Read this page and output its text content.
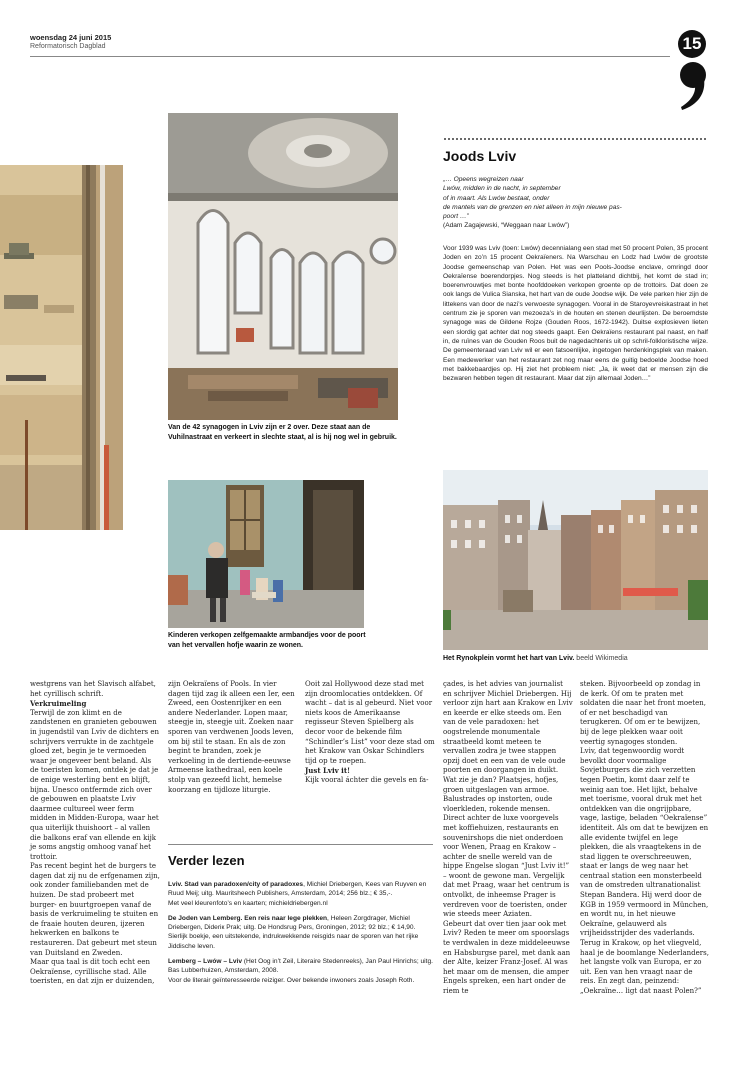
woensdag 24 juni 2015
Reformatorisch Dagblad	15
Van de 42 synagogen in Lviv zijn er 2 over. Deze staat aan de Vuhilnastraat en verkeert in slechte staat, al is hij nog wel in gebruik.
Kinderen verkopen zelfgemaakte armbandjes voor de poort van het vervallen hofje waarin ze wonen.
Het Rynokplein vormt het hart van Lviv. beeld Wikimedia
Joods Lviv

„… Opeens wegreizen naar

Lwów, midden in de nacht, in september

of in maart. Als Lwów bestaat, onder

de mantels van de grenzen en niet alleen in mijn nieuwe pas-

poort …”

(Adam Zagajewski, “Weggaan naar Lwów”)

Voor 1939 was Lviv (toen: Lwów) decennialang een stad met 50 procent Polen, 35 procent Joden en zo’n 15 procent Oekraïeners. Na Warschau en Lodz had Lwów de grootste Joodse gemeenschap van Polen. Het was een Pools-Joodse enclave, omringd door Oekraïense boerendorpjes. Nog steeds is het platteland dichtbij, het komt de stad in; boerenvrouwtjes met bonte hoofddoeken verkopen groente op de trottoirs. Dat doen ze ook langs de Vulica Sianska, het hart van de oude Joodse wijk. De vele parken hier zijn de littekens van door de nazi’s verwoeste synagogen. Vooral in de Staroyevreiskastraat in het centrum zie je sporen van mezoeza’s in de houten en stenen deurlijsten. De beroemdste synagoge was de Gildene Rojze (Gouden Roos, 1672-1942). Duitse explosieven lieten een slordig gat achter dat nog steeds gaapt. Een Oekraïens restaurant pal naast, en half in, de ruïnes van de Gouden Roos buit de nagedachtenis uit op schril-folkloristische wijze. De gemeenteraad van Lviv wil er een fatsoenlijke, ingetogen herdenkingsplek van maken. Een medewerker van het restaurant zet nog maar eens de guitig bedoelde Joodse hoed met bakkebaardjes op. Hij ziet het probleem niet: „Ja, ik weet dat er mensen zijn die bezwaren hebben tegen dit restaurant. Maar dat zijn allemaal Joden…”

westgrens van het Slavisch alfabet, het cyrillisch schrift.

Verkruimeling

Terwijl de zon klimt en de zandstenen en granieten gebouwen in jugendstil van Lviv de dichters en schrijvers verrukte in de zachtgele gloed zet, begin je te vermoeden waar je ongeveer bent beland. Als de toeristen komen, ontdek je dat je de enige westerling bent en blijft, bijna. Unesco ontfermde zich over de gebouwen en plaatste Lviv daarmee cultureel weer ferm midden in Midden-Europa, waar het qua uiterlijk thuishoort – al vallen die balkons eraf van ellende en kijk je soms angstig omhoog vanaf het trottoir.

Pas recent begint het de burgers te dagen dat zij nu de erfgenamen zijn, ook zonder familiebanden met de huizen. De stad probeert met burger- en buurtgroepen vanaf de basis de verkruimeling te stuiten en de fraaie houten deuren, ijzeren hekwerken en balkons te restaureren. Dat gebeurt met steun van Duitsland en Zweden.

Maar qua taal is dit toch echt een Oekraïense, cyrillische stad. Alle toeristen, en dat zijn er duizenden,

zijn Oekraïens of Pools. In vier dagen tijd zag ik alleen een Ier, een Zweed, een Oostenrijker en een andere Nederlander. Lopen maar, steegje in, steegje uit. Zoeken naar sporen van verdwenen Joods leven, om bij stil te staan. En als de zon begint te branden, zoek je verkoeling in de dertiende-eeuwse Armeense kathedraal, een koele stolp van gezeefd licht, hemelse koorzang en tijdloze liturgie.

Ooit zal Hollywood deze stad met zijn droomlocaties ontdekken. Of wacht – dat is al gebeurd. Niet voor niets koos de Amerikaanse regisseur Steven Spielberg als decor voor de bekende film “Schindler’s List” voor deze stad om het Krakow van Oskar Schindlers tijd op te roepen.

Just Lviv it!

Kijk vooral áchter die gevels en fa-

çades, is het advies van journalist en schrijver Michiel Driebergen. Hij verloor zijn hart aan Krakow en Lviv en keerde er elke steeds om. Een van de vele paradoxen: het oogstrelende monumentale straatbeeld komt meteen te vervallen zodra je twee stappen opzij doet en een van de vele oude poorten en doorgangen in duikt. Wat zie je dan? Plaatsjes, hofjes, groen uitgeslagen van armoe. Balustrades op instorten, oude vloerkleden, rokende mensen.

Direct achter de luxe voorgevels met koffiehuizen, restaurants en souvenirshops die niet onderdoen voor Wenen, Praag en Krakow – achter de snelle wereld van de hippe Engelse slogan “Just Lviv it!” – woont de gewone man. Vergelijk dat met Praag, waar het centrum is ontvolkt, de inheemse Prager is verdreven voor de toeristen, onder wie steeds meer Aziaten.

Gebeurt dat over tien jaar ook met Lviv? Reden te meer om spoorslags te verdwalen in deze middeleeuwse en Habsburgse parel, met dank aan der Alte, keizer Franz-Josef. Al was het maar om de mensen, die amper Engels spreken, een hart onder de riem te

steken. Bijvoorbeeld op zondag in de kerk. Of om te praten met soldaten die naar het front moeten, of er net beschadigd van terugkeren. Of om er te bewijzen, bij de lege plekken waar ooit veertig synagoges stonden.

Lviv, dat tegenwoordig wordt bevolkt door voormalige Sovjetburgers die zich verzetten tegen Poetin, komt daar zelf te weinig aan toe. Het lijkt, behalve met toerisme, vooral druk met het ontdekken van die ongrijpbare, vage, lastige, beladen “Oekraïense” identiteit. Als om dat te bewijzen en alle evidente twijfel en lege plekken, die als vraagtekens in de stad liggen te overschreeuwen, staat er langs de weg naar het centraal station een monsterbeeld van de omstreden ultranationalist Stepan Bandera. Hij werd door de KGB in 1959 vermoord in München, en wordt nu, in het nieuwe Oekraïne, gelauwerd als vrijheidsstrijder des vaderlands.

Terug in Krakow, op het vliegveld, haal je de boomlange Nederlanders, het langste volk van Europa, er zo uit. Een van hen vraagt naar de reis. En zegt dan, peinzend: „Oekraïne… ligt dat naast Polen?”

Verder lezen

Lviv. Stad van paradoxen/city of paradoxes, Michiel Driebergen, Kees van Ruyven en Ruud Meij; uitg. Mauritsheech Publishers, Amsterdam, 2014; 256 blz.; € 35,-.
Met veel kleurenfoto’s en kaarten; michieldriebergen.nl

De Joden van Lemberg. Een reis naar lege plekken, Heleen Zorgdrager, Michiel Driebergen, Dideriк Prak; uitg. De Hondsrug Pers, Groningen, 2012; 92 blz.; € 14,90.
Sierlijk boekje, een uitstekende, indrukwekkende reisgids naar de sporen van het rijke Jiddische leven.

Lemberg – Lwów – Lviv (Het Oog in’t Zeil, Literaire Stedenreeks), Jan Paul Hinrichs; uitg. Bas Lubberhuizen, Amsterdam, 2008.
Voor de literair geïnteresseerde reiziger. Over bekende inwoners zoals Joseph Roth.
